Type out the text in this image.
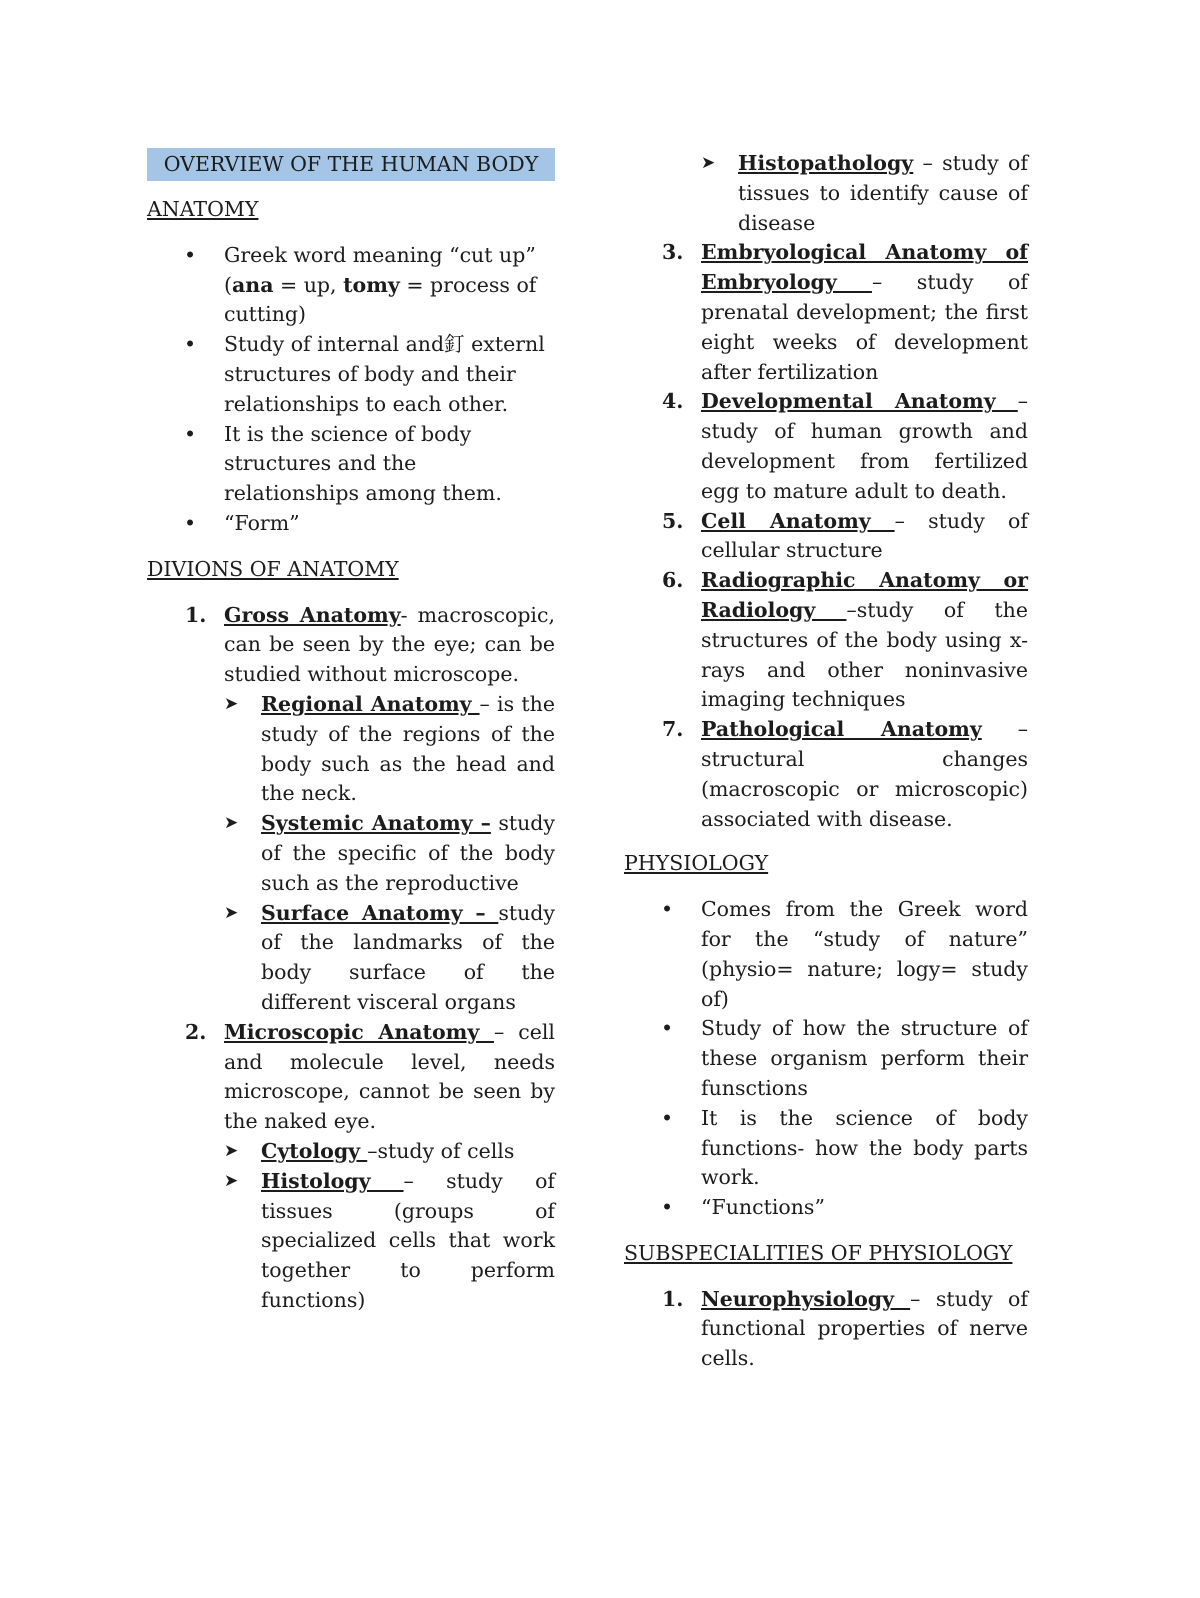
OVERVIEW OF THE HUMAN BODY
ANATOMY
• Greek word meaning “cut up” (ana = up, tomy = process of cutting)
• Study of internal and釘 externl structures of body and their relationships to each other.
• It is the science of body structures and the relationships among them.
• “Form”
DIVIONS OF ANATOMY
1. Gross Anatomy- macroscopic, can be seen by the eye; can be studied without microscope.
➤ Regional Anatomy – is the study of the regions of the body such as the head and the neck.
➤ Systemic Anatomy – study of the specific of the body such as the reproductive
➤ Surface Anatomy – study of the landmarks of the body surface of the different visceral organs
2. Microscopic Anatomy – cell and molecule level, needs microscope, cannot be seen by the naked eye.
➤ Cytology –study of cells
➤ Histology – study of tissues (groups of specialized cells that work together to perform functions)
➤ Histopathology – study of tissues to identify cause of disease
3. Embryological Anatomy of Embryology – study of prenatal development; the first eight weeks of development after fertilization
4. Developmental Anatomy – study of human growth and development from fertilized egg to mature adult to death.
5. Cell Anatomy – study of cellular structure
6. Radiographic Anatomy or Radiology –study of the structures of the body using x-rays and other noninvasive imaging techniques
7. Pathological Anatomy – structural changes (macroscopic or microscopic) associated with disease.
PHYSIOLOGY
• Comes from the Greek word for the “study of nature” (physio= nature; logy= study of)
• Study of how the structure of these organism perform their funsctions
• It is the science of body functions- how the body parts work.
• “Functions”
SUBSPECIALITIES OF PHYSIOLOGY
1. Neurophysiology – study of functional properties of nerve cells.
